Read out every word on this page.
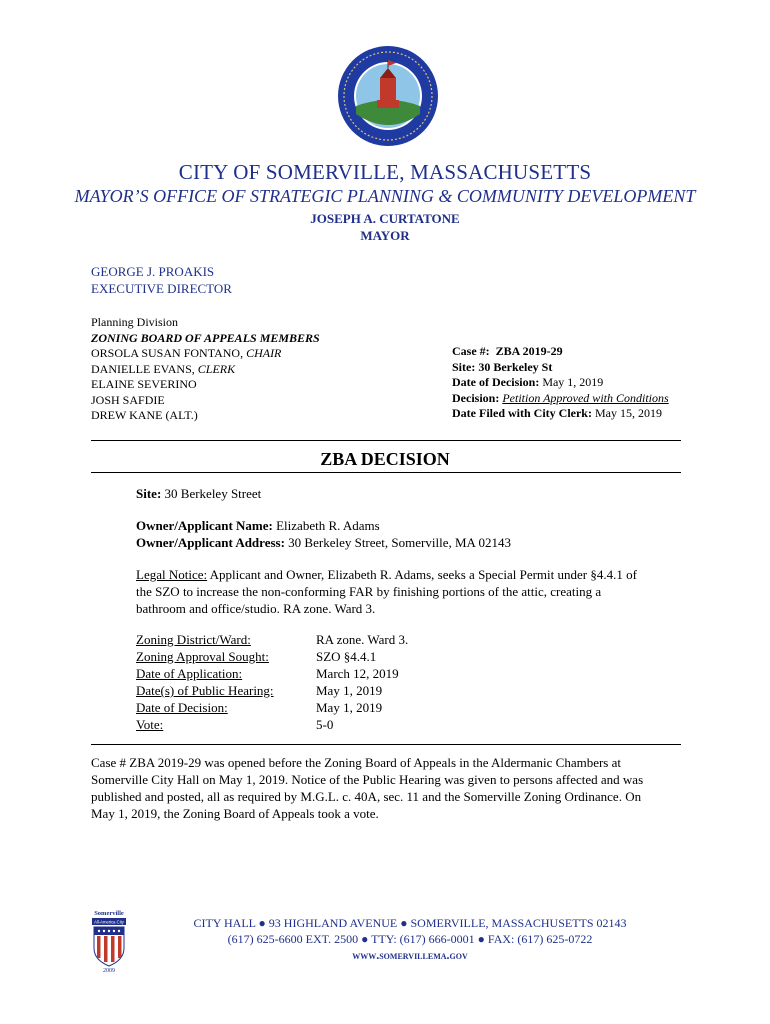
CITY OF SOMERVILLE, MASSACHUSETTS
MAYOR’S OFFICE OF STRATEGIC PLANNING & COMMUNITY DEVELOPMENT
JOSEPH A. CURTATONE
MAYOR
GEORGE J. PROAKIS
EXECUTIVE DIRECTOR
Planning Division
ZONING BOARD OF APPEALS MEMBERS
ORSOLA SUSAN FONTANO, CHAIR
DANIELLE EVANS, CLERK
ELAINE SEVERINO
JOSH SAFDIE
DREW KANE (ALT.)
Case #: ZBA 2019-29
Site: 30 Berkeley St
Date of Decision: May 1, 2019
Decision: Petition Approved with Conditions
Date Filed with City Clerk: May 15, 2019
ZBA DECISION
Site: 30 Berkeley Street
Owner/Applicant Name: Elizabeth R. Adams
Owner/Applicant Address: 30 Berkeley Street, Somerville, MA 02143
Legal Notice: Applicant and Owner, Elizabeth R. Adams, seeks a Special Permit under §4.4.1 of
the SZO to increase the non-conforming FAR by finishing portions of the attic, creating a
bathroom and office/studio. RA zone. Ward 3.
Zoning District/Ward:
Zoning Approval Sought:
Date of Application:
Date(s) of Public Hearing:
Date of Decision:
Vote:
RA zone. Ward 3.
SZO §4.4.1
March 12, 2019
May 1, 2019
May 1, 2019
5-0
Case # ZBA 2019-29 was opened before the Zoning Board of Appeals in the Aldermanic Chambers at
Somerville City Hall on May 1, 2019. Notice of the Public Hearing was given to persons affected and was
published and posted, all as required by M.G.L. c. 40A, sec. 11 and the Somerville Zoning Ordinance. On
May 1, 2019, the Zoning Board of Appeals took a vote.
Somerville
All-America City
2009
CITY HALL ● 93 HIGHLAND AVENUE ● SOMERVILLE, MASSACHUSETTS 02143
(617) 625-6600 EXT. 2500 ● TTY: (617) 666-0001 ● FAX: (617) 625-0722
www.somervillema.gov
